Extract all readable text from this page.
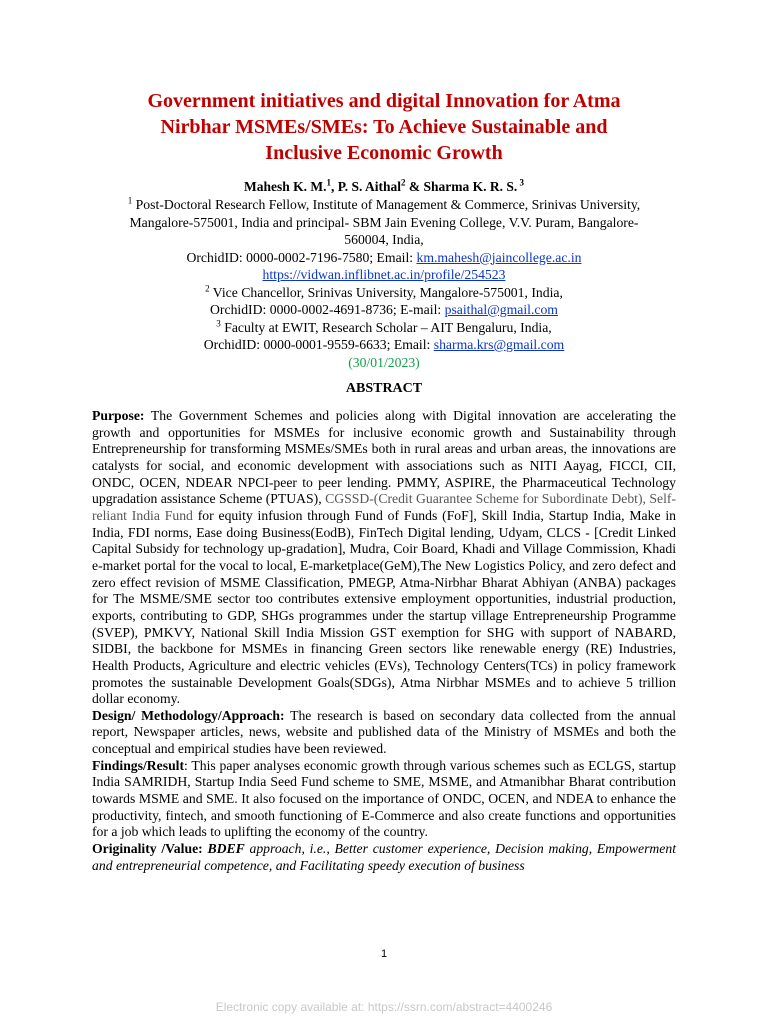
Government initiatives and digital Innovation for Atma
Nirbhar MSMEs/SMEs: To Achieve Sustainable and
Inclusive Economic Growth
Mahesh K. M.$^1$, P. S. Aithal$^2$ & Sharma K. R. S. $^3$
$^1$ Post-Doctoral Research Fellow, Institute of Management & Commerce, Srinivas University,
Mangalore-575001, India and principal- SBM Jain Evening College, V.V. Puram, Bangalore-
560004, India,
OrchidID: 0000-0002-7196-7580; Email: km.mahesh@jaincollege.ac.in
https://vidwan.inflibnet.ac.in/profile/254523
$^2$ Vice Chancellor, Srinivas University, Mangalore-575001, India,
OrchidID: 0000-0002-4691-8736; E-mail: psaithal@gmail.com
$^3$ Faculty at EWIT, Research Scholar – AIT Bengaluru, India,
OrchidID: 0000-0001-9559-6633; Email: sharma.krs@gmail.com
(30/01/2023)
ABSTRACT

Purpose: The Government Schemes and policies along with Digital innovation are accelerating the growth and opportunities for MSMEs for inclusive economic growth and Sustainability through Entrepreneurship for transforming MSMEs/SMEs both in rural areas and urban areas, the innovations are catalysts for social, and economic development with associations such as NITI Aayag, FICCI, CII, ONDC, OCEN, NDEAR NPCI-peer to peer lending. PMMY, ASPIRE, the Pharmaceutical Technology upgradation assistance Scheme (PTUAS), CGSSD-(Credit Guarantee Scheme for Subordinate Debt), Self-reliant India Fund for equity infusion through Fund of Funds (FoF], Skill India, Startup India, Make in India, FDI norms, Ease doing Business(EodB), FinTech Digital lending, Udyam, CLCS - [Credit Linked Capital Subsidy for technology up-gradation], Mudra, Coir Board, Khadi and Village Commission, Khadi e-market portal for the vocal to local, E-marketplace(GeM),The New Logistics Policy, and zero defect and zero effect revision of MSME Classification, PMEGP, Atma-Nirbhar Bharat Abhiyan (ANBA) packages for The MSME/SME sector too contributes extensive employment opportunities, industrial production, exports, contributing to GDP, SHGs programmes under the startup village Entrepreneurship Programme (SVEP), PMKVY, National Skill India Mission GST exemption for SHG with support of NABARD, SIDBI, the backbone for MSMEs in financing Green sectors like renewable energy (RE) Industries, Health Products, Agriculture and electric vehicles (EVs), Technology Centers(TCs) in policy framework promotes the sustainable Development Goals(SDGs), Atma Nirbhar MSMEs and to achieve 5 trillion dollar economy.

Design/ Methodology/Approach: The research is based on secondary data collected from the annual report, Newspaper articles, news, website and published data of the Ministry of MSMEs and both the conceptual and empirical studies have been reviewed.

Findings/Result: This paper analyses economic growth through various schemes such as ECLGS, startup India SAMRIDH, Startup India Seed Fund scheme to SME, MSME, and Atmanibhar Bharat contribution towards MSME and SME. It also focused on the importance of ONDC, OCEN, and NDEA to enhance the productivity, fintech, and smooth functioning of E-Commerce and also create functions and opportunities for a job which leads to uplifting the economy of the country.

Originality /Value: BDEF approach, i.e., Better customer experience, Decision making, Empowerment and entrepreneurial competence, and Facilitating speedy execution of business

1
Electronic copy available at: https://ssrn.com/abstract=4400246
